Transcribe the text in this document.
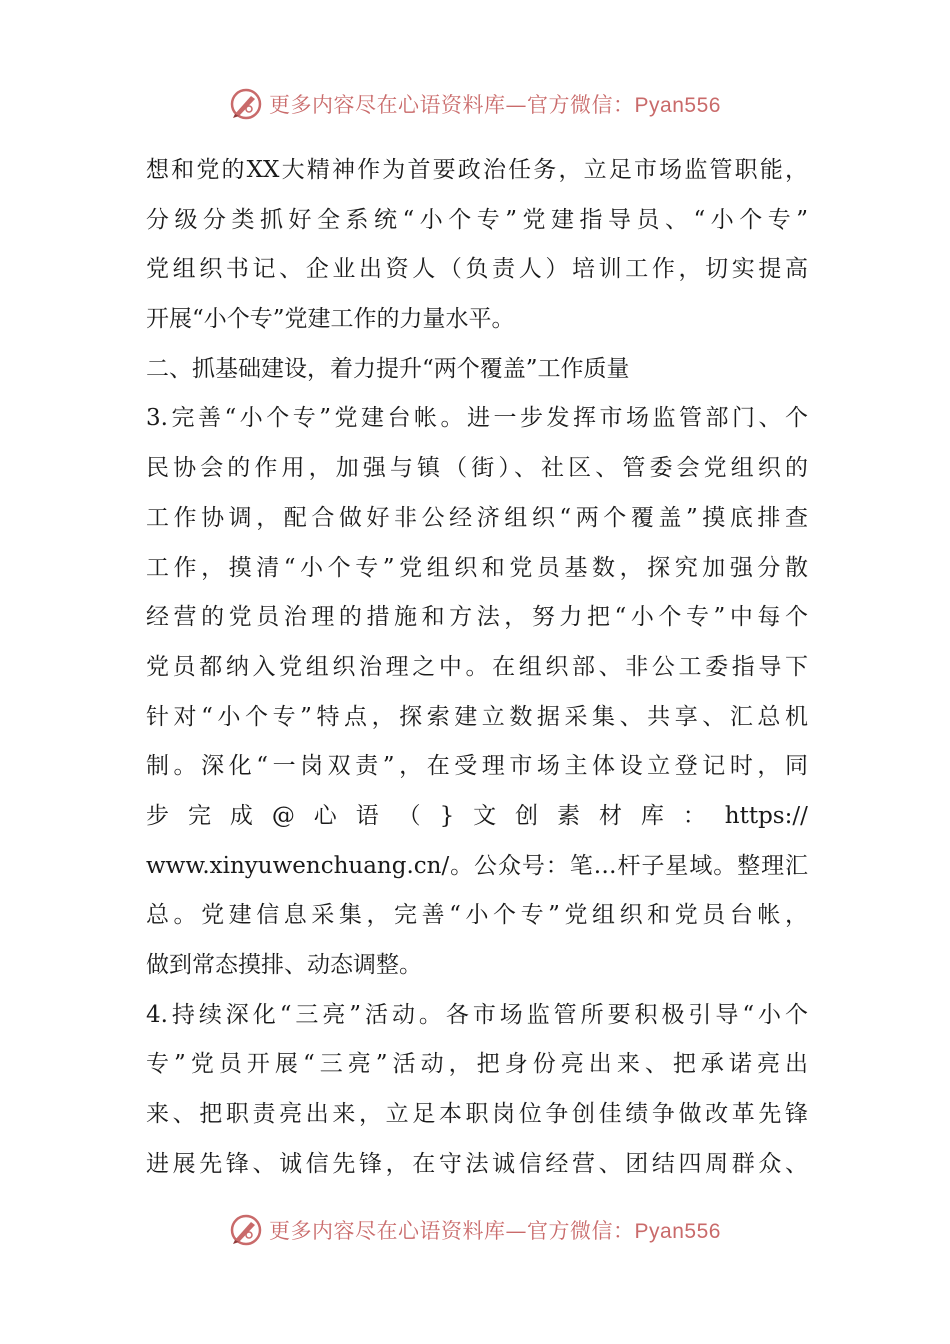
更多内容尽在心语资料库—官方微信：Pyan556
想和党的XX大精神作为首要政治任务，立足市场监管职能，
分级分类抓好全系统“小个专”党建指导员、“小个专”
党组织书记、企业出资人（负责人）培训工作，切实提高
开展“小个专”党建工作的力量水平。
二、抓基础建设，着力提升“两个覆盖”工作质量
3.完善“小个专”党建台帐。进一步发挥市场监管部门、个
民协会的作用，加强与镇（街）、社区、管委会党组织的
工作协调，配合做好非公经济组织“两个覆盖”摸底排查
工作，摸清“小个专”党组织和党员基数，探究加强分散
经营的党员治理的措施和方法，努力把“小个专”中每个
党员都纳入党组织治理之中。在组织部、非公工委指导下
针对“小个专”特点，探索建立数据采集、共享、汇总机
制。深化“一岗双责”，在受理市场主体设立登记时，同
步 完 成 @ 心 语 （ } 文 创 素 材 库 ： https://
www.xinyuwenchuang.cn/。公众号：笔…杆子星域。整理汇
总。党建信息采集，完善“小个专”党组织和党员台帐，
做到常态摸排、动态调整。
4.持续深化“三亮”活动。各市场监管所要积极引导“小个
专”党员开展“三亮”活动，把身份亮出来、把承诺亮出
来、把职责亮出来，立足本职岗位争创佳绩争做改革先锋
进展先锋、诚信先锋，在守法诚信经营、团结四周群众、
更多内容尽在心语资料库—官方微信：Pyan556
